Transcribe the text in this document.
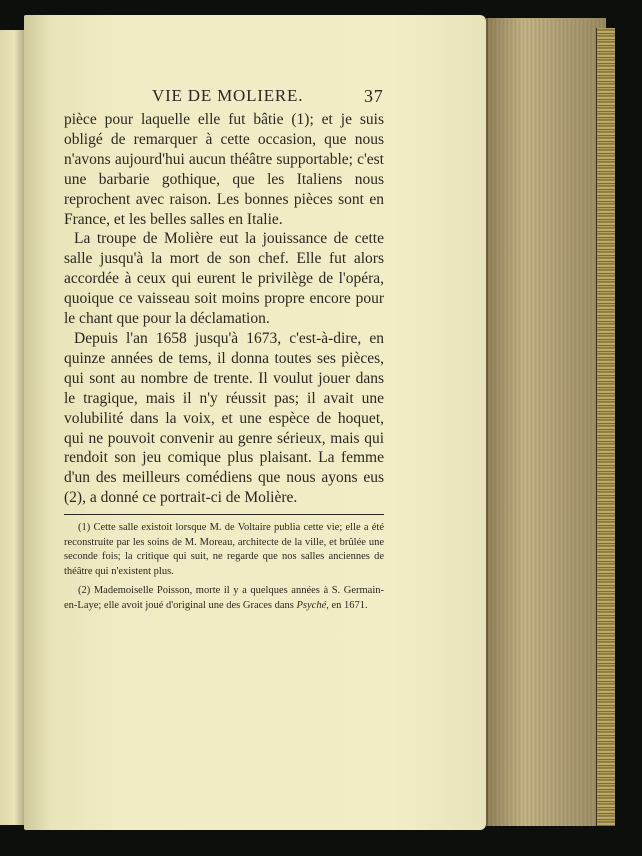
VIE DE MOLIERE.	37

pièce pour laquelle elle fut bâtie (1); et je suis obligé de remarquer à cette occasion, que nous n'avons aujourd'hui aucun théâtre supportable; c'est une barbarie gothique, que les Italiens nous reprochent avec raison. Les bonnes pièces sont en France, et les belles salles en Italie.

La troupe de Molière eut la jouissance de cette salle jusqu'à la mort de son chef. Elle fut alors accordée à ceux qui eurent le privilège de l'opéra, quoique ce vaisseau soit moins propre encore pour le chant que pour la déclamation.

Depuis l'an 1658 jusqu'à 1673, c'est-à-dire, en quinze années de tems, il donna toutes ses pièces, qui sont au nombre de trente. Il voulut jouer dans le tragique, mais il n'y réussit pas; il avait une volubilité dans la voix, et une espèce de hoquet, qui ne pouvoit convenir au genre sérieux, mais qui rendoit son jeu comique plus plaisant. La femme d'un des meilleurs comédiens que nous ayons eus (2), a donné ce portrait-ci de Molière.

(1) Cette salle existoit lorsque M. de Voltaire publia cette vie; elle a été reconstruite par les soins de M. Moreau, architecte de la ville, et brûlée une seconde fois; la critique qui suit, ne regarde que nos salles anciennes de théâtre qui n'existent plus.

(2) Mademoiselle Poisson, morte il y a quelques années à S. Germain-en-Laye; elle avoit joué d'original une des Graces dans Psyché, en 1671.
